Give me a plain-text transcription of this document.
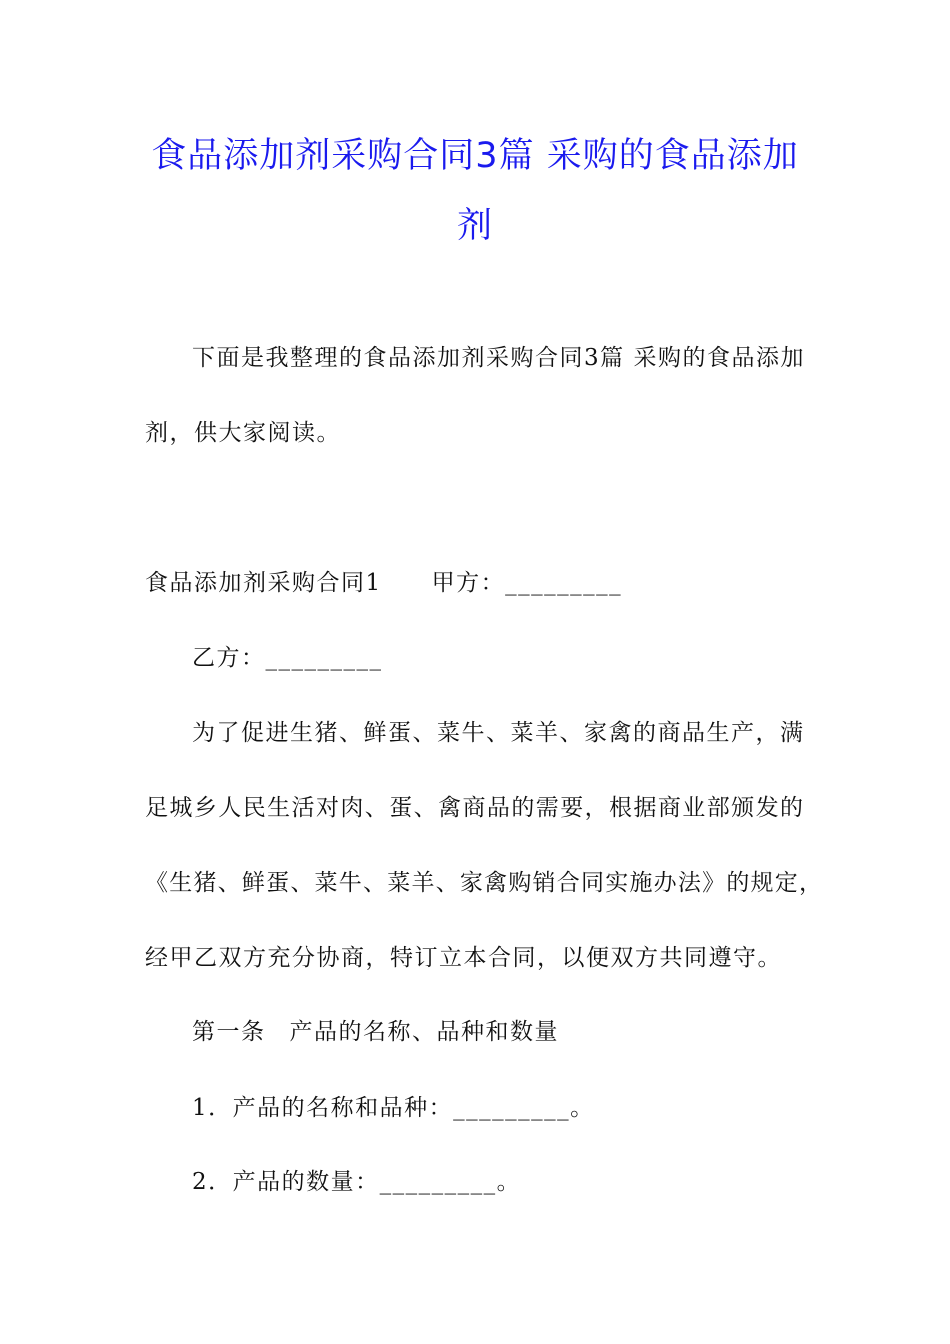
食品添加剂采购合同3篇 采购的食品添加
剂
下面是我整理的食品添加剂采购合同3篇 采购的食品添加
剂，供大家阅读。
食品添加剂采购合同1 甲方：_________
乙方：_________
为了促进生猪、鲜蛋、菜牛、菜羊、家禽的商品生产，满
足城乡人民生活对肉、蛋、禽商品的需要，根据商业部颁发的
《生猪、鲜蛋、菜牛、菜羊、家禽购销合同实施办法》的规定，
经甲乙双方充分协商，特订立本合同，以便双方共同遵守。
第一条 产品的名称、品种和数量
1．产品的名称和品种：_________。
2．产品的数量：_________。
